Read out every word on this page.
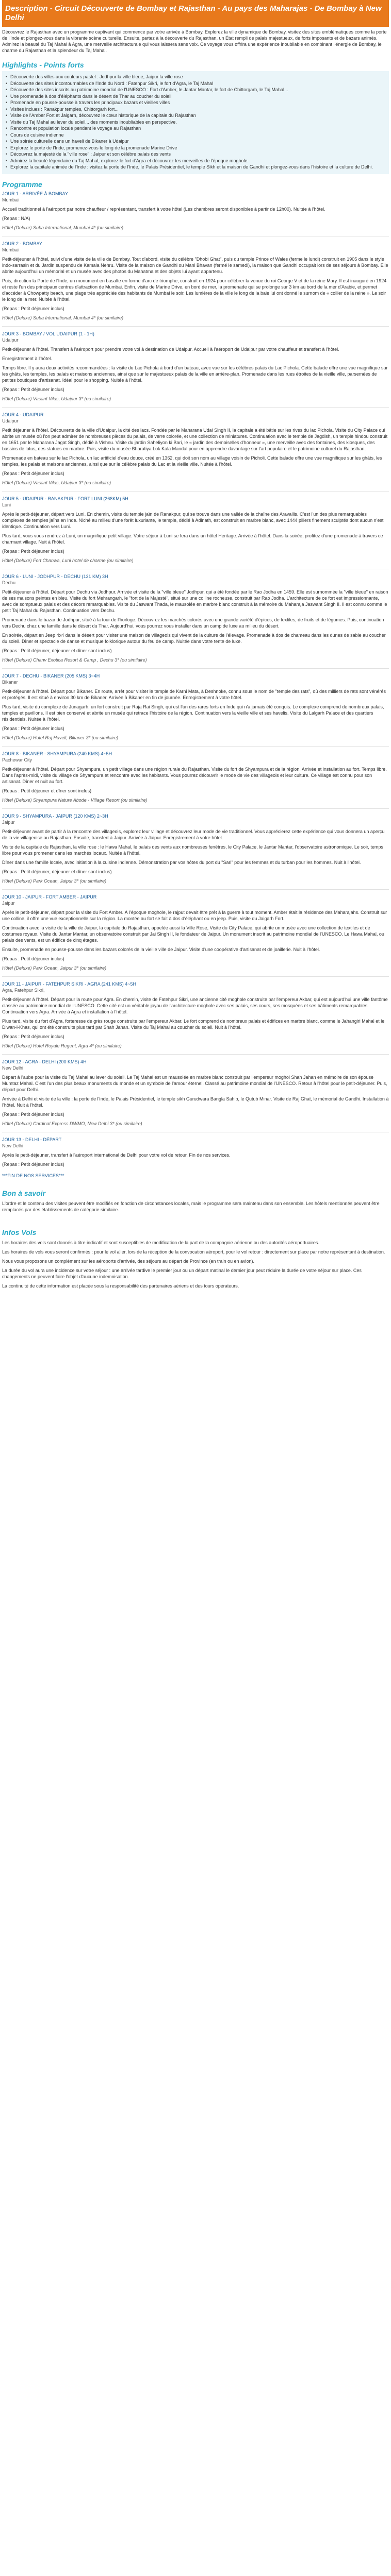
Description - Circuit Découverte de Bombay et Rajasthan - Au pays des Maharajas - De Bombay à New Delhi

Découvrez le Rajasthan avec un programme captivant qui commence par votre arrivée à Bombay. Explorez la ville dynamique de Bombay, visitez des sites emblématiques comme la porte de l'Inde et plongez-vous dans la vibrante scène culturelle. Ensuite, partez à la découverte du Rajasthan, un État rempli de palais majestueux, de forts imposants et de bazars animés. Admirez la beauté du Taj Mahal à Agra, une merveille architecturale qui vous laissera sans voix. Ce voyage vous offrira une expérience inoubliable en combinant l'énergie de Bombay, le charme du Rajasthan et la splendeur du Taj Mahal.

Highlights - Points forts
• Découverte des villes aux couleurs pastel : Jodhpur la ville bleue, Jaipur la ville rose
• Découverte des sites incontournables de l'Inde du Nord : Fatehpur Sikri, le fort d'Agra, le Taj Mahal
• Découverte des sites inscrits au patrimoine mondial de l'UNESCO : Fort d'Amber, le Jantar Mantar, le fort de Chittorgarh, le Taj Mahal...
• Une promenade à dos d'éléphants dans le désert de Thar au coucher du soleil
• Promenade en pousse-pousse à travers les principaux bazars et vieilles villes
• Visites inclues : Ranakpur temples, Chittorgarh fort...
• Visite de l'Amber Fort et Jaigarh, découvrez le cœur historique de la capitale du Rajasthan
• Visite du Taj Mahal au lever du soleil... des moments inoubliables en perspective.
• Rencontre et population locale pendant le voyage au Rajasthan
• Cours de cuisine indienne
• Une soirée culturelle dans un haveli de Bikaner à Udaipur
• Explorez le porte de l'Inde, promenez-vous le long de la promenade Marine Drive
• Découvrez la majesté de la "ville rose" : Jaipur et son célèbre palais des vents
• Admirez la beauté légendaire du Taj Mahal, explorez le fort d'Agra et découvrez les merveilles de l'époque moghole.
• Explorez la capitale animée de l'Inde : visitez la porte de l'Inde, le Palais Présidentiel, le temple Sikh et la maison de Gandhi et plongez-vous dans l'histoire et la culture de Delhi.
Programme
JOUR 1 - ARRIVÉE À BOMBAY
Mumbai

Accueil traditionnel à l'aéroport par notre chauffeur / représentant, transfert à votre hôtel (Les chambres seront disponibles à partir de 12h00). Nuitée à l'hôtel.

(Repas : N/A)

Hôtel (Deluxe) Suba International, Mumbai 4* (ou similaire)
JOUR 2 - BOMBAY
Mumbai

Petit-déjeuner à l'hôtel, suivi d'une visite de la ville de Bombay. Tout d'abord, visite du célèbre "Dhobi Ghat", puis du temple Prince of Wales (ferme le lundi) construit en 1905 dans le style indo-sarrasin et du Jardin suspendu de Kamala Nehru. Visite de la maison de Gandhi ou Mani Bhavan (fermé le samedi), la maison que Gandhi occupait lors de ses séjours à Bombay. Elle abrite aujourd'hui un mémorial et un musée avec des photos du Mahatma et des objets lui ayant appartenu.

Puis, direction la Porte de l'Inde, un monument en basalte en forme d'arc de triomphe, construit en 1924 pour célébrer la venue du roi George V et de la reine Mary. Il est inauguré en 1924 et reste l'un des principaux centres d'attraction de Mumbai. Enfin, visite de Marine Drive, en bord de mer, la promenade qui se prolonge sur 3 km au bord de la mer d'Arabie, et permet d'accéder à Chowpatty beach, une plage très appréciée des habitants de Mumbai le soir. Les lumières de la ville le long de la baie lui ont donné le surnom de « collier de la reine ». Le soir le long de la mer. Nuitée à l'hôtel.

(Repas : Petit déjeuner inclus)

Hôtel (Deluxe) Suba International, Mumbai 4* (ou similaire)
JOUR 3 - BOMBAY / VOL UDAIPUR (1 - 1H)
Udaipur

Petit-déjeuner à l'hôtel. Transfert à l'aéroport pour prendre votre vol à destination de Udaipur. Accueil à l'aéroport de Udaipur par votre chauffeur et transfert à l'hôtel.

Enregistrement à l'hôtel.

Temps libre. Il y aura deux activités recommandées : la visite du Lac Pichola à bord d'un bateau, avec vue sur les célèbres palais du Lac Pichola. Cette balade offre une vue magnifique sur les ghâts, les temples, les palais et maisons anciennes, ainsi que sur le majestueux palais de la ville en arrière-plan. Promenade dans les rues étroites de la vieille ville, parsemées de petites boutiques d'artisanat. Idéal pour le shopping. Nuitée à l'hôtel.

(Repas : Petit déjeuner inclus)

Hôtel (Deluxe) Vasant Vilas, Udaipur 3* (ou similaire)
JOUR 4 - UDAIPUR
Udaipur

Petit déjeuner à l'hôtel. Découverte de la ville d'Udaipur, la cité des lacs. Fondée par le Maharana Udai Singh II, la capitale a été bâtie sur les rives du lac Pichola. Visite du City Palace qui abrite un musée où l'on peut admirer de nombreuses pièces du palais, de verre colorée, et une collection de miniatures. Continuation avec le temple de Jagdish, un temple hindou construit en 1651 par le Maharana Jagat Singh, dédié à Vishnu. Visite du jardin Saheliyon ki Bari, le « jardin des demoiselles d'honneur », une merveille avec des fontaines, des kiosques, des bassins de lotus, des statues en marbre. Puis, visite du musée Bharatiya Lok Kala Mandal pour en apprendre davantage sur l'art populaire et le patrimoine culturel du Rajasthan.

Promenade en bateau sur le lac Pichola, un lac artificiel d'eau douce, créé en 1362, qui doit son nom au village voisin de Picholi. Cette balade offre une vue magnifique sur les ghâts, les temples, les palais et maisons anciennes, ainsi que sur le célèbre palais du Lac et la vieille ville. Nuitée à l'hôtel.

(Repas : Petit déjeuner inclus)

Hôtel (Deluxe) Vasant Vilas, Udaipur 3* (ou similaire)
JOUR 5 - UDAIPUR - RANAKPUR - FORT LUNI (268KM) 5H
Luni

Après le petit-déjeuner, départ vers Luni. En chemin, visite du temple jaïn de Ranakpur, qui se trouve dans une vallée de la chaîne des Aravallis. C'est l'un des plus remarquables complexes de temples jaïns en Inde. Niché au milieu d'une forêt luxuriante, le temple, dédié à Adinath, est construit en marbre blanc, avec 1444 piliers finement sculptés dont aucun n'est identique. Continuation vers Luni.

Plus tard, vous vous rendrez à Luni, un magnifique petit village. Votre séjour à Luni se fera dans un hôtel Heritage. Arrivée à l'hôtel. Dans la soirée, profitez d'une promenade à travers ce charmant village. Nuit à l'hôtel.

(Repas : Petit déjeuner inclus)

Hôtel (Deluxe) Fort Chanwa, Luni hotel de charme (ou similaire)
JOUR 6 - LUNI - JODHPUR - DECHU (131 KM) 3H
Dechu

Petit-déjeuner à l'hôtel. Départ pour Dechu via Jodhpur. Arrivée et visite de la "ville bleue" Jodhpur, qui a été fondée par le Rao Jodha en 1459. Elle est surnommée la "ville bleue" en raison de ses maisons peintes en bleu. Visite du fort Mehrangarh, le "fort de la Majesté", situé sur une colline rocheuse, construit par Rao Jodha. L'architecture de ce fort est impressionnante, avec de somptueux palais et des décors remarquables. Visite du Jaswant Thada, le mausolée en marbre blanc construit à la mémoire du Maharaja Jaswant Singh II. Il est connu comme le petit Taj Mahal du Rajasthan. Continuation vers Dechu.

Promenade dans le bazar de Jodhpur, situé à la tour de l'horloge. Découvrez les marchés colorés avec une grande variété d'épices, de textiles, de fruits et de légumes. Puis, continuation vers Dechu chez une famille dans le désert du Thar. Aujourd'hui, vous pourrez vous installer dans un camp de luxe au milieu du désert.

En soirée, départ en Jeep 4x4 dans le désert pour visiter une maison de villageois qui vivent de la culture de l'élevage. Promenade à dos de chameau dans les dunes de sable au coucher du soleil. Dîner et spectacle de danse et musique folklorique autour du feu de camp. Nuitée dans votre tente de luxe.

(Repas : Petit déjeuner, déjeuner et dîner sont inclus)

Hôtel (Deluxe) Chanv Exotica Resort & Camp , Dechu 3* (ou similaire)
JOUR 7 - DECHU - BIKANER (205 KMS) 3~4H
Bikaner

Petit-déjeuner à l'hôtel. Départ pour Bikaner. En route, arrêt pour visiter le temple de Karni Mata, à Deshnoke, connu sous le nom de "temple des rats", où des milliers de rats sont vénérés et protégés. Il est situé à environ 30 km de Bikaner. Arrivée à Bikaner en fin de journée. Enregistrement à votre hôtel.

Plus tard, visite du complexe de Junagarh, un fort construit par Raja Rai Singh, qui est l'un des rares forts en Inde qui n'a jamais été conquis. Le complexe comprend de nombreux palais, temples et pavillons. Il est bien conservé et abrite un musée qui retrace l'histoire de la région. Continuation vers la vieille ville et ses havelis. Visite du Lalgarh Palace et des quartiers résidentiels. Nuitée à l'hôtel.

(Repas : Petit déjeuner inclus)

Hôtel (Deluxe) Hotel Raj Haveli, Bikaner 3* (ou similaire)
JOUR 8 - BIKANER - SHYAMPURA (240 KMS) 4~5H
Pachewar City

Petit-déjeuner à l'hôtel. Départ pour Shyampura, un petit village dans une région rurale du Rajasthan. Visite du fort de Shyampura et de la région. Arrivée et installation au fort. Temps libre. Dans l'après-midi, visite du village de Shyampura et rencontre avec les habitants. Vous pourrez découvrir le mode de vie des villageois et leur culture. Ce village est connu pour son artisanat. Dîner et nuit au fort.

(Repas : Petit déjeuner et dîner sont inclus)

Hôtel (Deluxe) Shyampura Nature Abode - Village Resort (ou similaire)
JOUR 9 - SHYAMPURA - JAIPUR (120 KMS) 2~3H
Jaipur

Petit-déjeuner avant de partir à la rencontre des villageois, explorez leur village et découvrez leur mode de vie traditionnel. Vous apprécierez cette expérience qui vous donnera un aperçu de la vie villageoise au Rajasthan. Ensuite, transfert à Jaipur. Arrivée à Jaipur. Enregistrement à votre hôtel.

Visite de la capitale du Rajasthan, la ville rose : le Hawa Mahal, le palais des vents aux nombreuses fenêtres, le City Palace, le Jantar Mantar, l'observatoire astronomique. Le soir, temps libre pour vous promener dans les marchés locaux. Nuitée à l'hôtel.

Dîner dans une famille locale, avec initiation à la cuisine indienne. Démonstration par vos hôtes du port du "Sari" pour les femmes et du turban pour les hommes. Nuit à l'hôtel.

(Repas : Petit déjeuner, déjeuner et dîner sont inclus)

Hôtel (Deluxe) Park Ocean, Jaipur 3* (ou similaire)
JOUR 10 - JAIPUR - FORT AMBER - JAIPUR
Jaipur

Après le petit-déjeuner, départ pour la visite du Fort Amber. À l'époque moghole, le rajput devait être prêt à la guerre à tout moment. Amber était la résidence des Maharajahs. Construit sur une colline, il offre une vue exceptionnelle sur la région. La montée au fort se fait à dos d'éléphant ou en jeep. Puis, visite du Jaigarh Fort.

Continuation avec la visite de la ville de Jaipur, la capitale du Rajasthan, appelée aussi la Ville Rose, Visite du City Palace, qui abrite un musée avec une collection de textiles et de costumes royaux. Visite du Jantar Mantar, un observatoire construit par Jai Singh II, le fondateur de Jaipur. Un monument inscrit au patrimoine mondial de l'UNESCO. Le Hawa Mahal, ou palais des vents, est un édifice de cinq étages.

Ensuite, promenade en pousse-pousse dans les bazars colorés de la vieille ville de Jaipur. Visite d'une coopérative d'artisanat et de joaillerie. Nuit à l'hôtel.

(Repas : Petit déjeuner inclus)

Hôtel (Deluxe) Park Ocean, Jaipur 3* (ou similaire)
JOUR 11 - JAIPUR - FATEHPUR SIKRI - AGRA (241 KMS) 4~5H
Agra, Fatehpur Sikri,

Petit-déjeuner à l'hôtel. Départ pour la route pour Agra. En chemin, visite de Fatehpur Sikri, une ancienne cité moghole construite par l'empereur Akbar, qui est aujourd'hui une ville fantôme classée au patrimoine mondial de l'UNESCO. Cette cité est un véritable joyau de l'architecture moghole avec ses palais, ses cours, ses mosquées et ses bâtiments remarquables. Continuation vers Agra. Arrivée à Agra et installation à l'hôtel.

Plus tard, visite du fort d'Agra, forteresse de grès rouge construite par l'empereur Akbar. Le fort comprend de nombreux palais et édifices en marbre blanc, comme le Jahangiri Mahal et le Diwan-i-Khas, qui ont été construits plus tard par Shah Jahan. Visite du Taj Mahal au coucher du soleil. Nuit à l'hôtel.

(Repas : Petit déjeuner inclus)

Hôtel (Deluxe) Hotel Royale Regent, Agra 4* (ou similaire)
JOUR 12 - AGRA - DELHI (200 KMS) 4H
New Delhi

Départ à l'aube pour la visite du Taj Mahal au lever du soleil. Le Taj Mahal est un mausolée en marbre blanc construit par l'empereur moghol Shah Jahan en mémoire de son épouse Mumtaz Mahal. C'est l'un des plus beaux monuments du monde et un symbole de l'amour éternel. Classé au patrimoine mondial de l'UNESCO. Retour à l'hôtel pour le petit-déjeuner. Puis, départ pour Delhi.

Arrivée à Delhi et visite de la ville : la porte de l'Inde, le Palais Présidentiel, le temple sikh Gurudwara Bangla Sahib, le Qutub Minar. Visite de Raj Ghat, le mémorial de Gandhi. Installation à l'hôtel. Nuit à l'hôtel.

(Repas : Petit déjeuner inclus)

Hôtel (Deluxe) Cardinal Express DWMO, New Delhi 3* (ou similaire)
JOUR 13 - DELHI - DÉPART
New Delhi

Après le petit-déjeuner, transfert à l'aéroport international de Delhi pour votre vol de retour. Fin de nos services.

(Repas : Petit déjeuner inclus)

***FIN DE NOS SERVICES***
Bon à savoir

L'ordre et le contenu des visites peuvent être modifiés en fonction de circonstances locales, mais le programme sera maintenu dans son ensemble. Les hôtels mentionnés peuvent être remplacés par des établissements de catégorie similaire.

Infos Vols

Les horaires des vols sont donnés à titre indicatif et sont susceptibles de modification de la part de la compagnie aérienne ou des autorités aéroportuaires.

Les horaires de vols vous seront confirmés : pour le vol aller, lors de la réception de la convocation aéroport, pour le vol retour : directement sur place par notre représentant à destination.

Nous vous proposons un complément sur les aéroports d'arrivée, des séjours au départ de Province (en train ou en avion).

La durée du vol aura une incidence sur votre séjour : une arrivée tardive le premier jour ou un départ matinal le dernier jour peut réduire la durée de votre séjour sur place. Ces changements ne peuvent faire l'objet d'aucune indemnisation.

La continuité de cette information est placée sous la responsabilité des partenaires aériens et des tours opérateurs.
